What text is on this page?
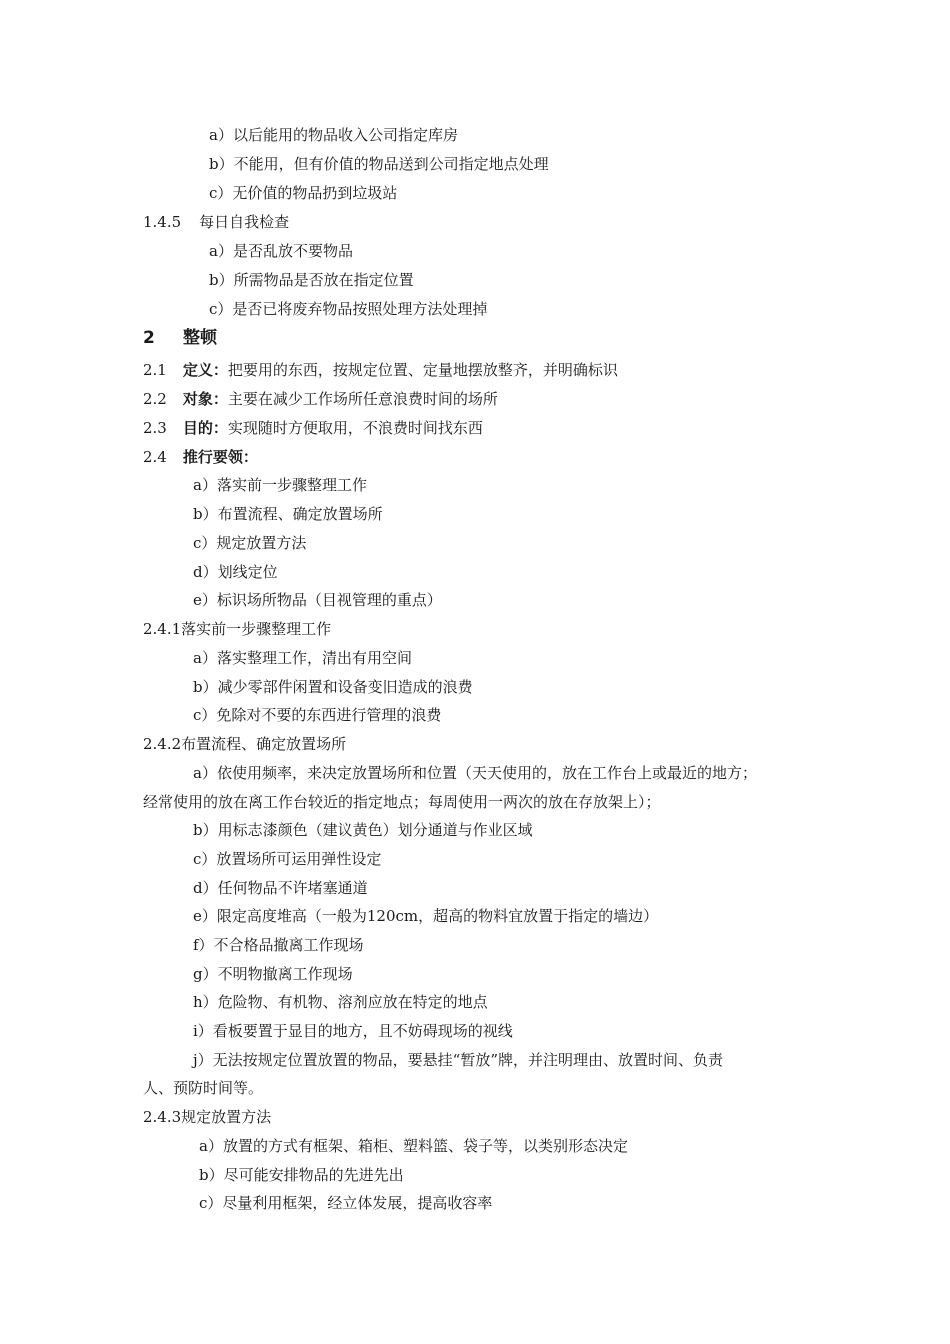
a）以后能用的物品收入公司指定库房
b）不能用，但有价值的物品送到公司指定地点处理
c）无价值的物品扔到垃圾站
1.4.5 每日自我检查
a）是否乱放不要物品
b）所需物品是否放在指定位置
c）是否已将废弃物品按照处理方法处理掉
2 整顿
2.1 定义：把要用的东西，按规定位置、定量地摆放整齐，并明确标识
2.2 对象：主要在减少工作场所任意浪费时间的场所
2.3 目的：实现随时方便取用，不浪费时间找东西
2.4 推行要领：
a）落实前一步骤整理工作
b）布置流程、确定放置场所
c）规定放置方法
d）划线定位
e）标识场所物品（目视管理的重点）
2.4.1落实前一步骤整理工作
a）落实整理工作，清出有用空间
b）减少零部件闲置和设备变旧造成的浪费
c）免除对不要的东西进行管理的浪费
2.4.2布置流程、确定放置场所
a）依使用频率，来决定放置场所和位置（天天使用的，放在工作台上或最近的地方；
经常使用的放在离工作台较近的指定地点；每周使用一两次的放在存放架上）；
b）用标志漆颜色（建议黄色）划分通道与作业区域
c）放置场所可运用弹性设定
d）任何物品不许堵塞通道
e）限定高度堆高（一般为120cm，超高的物料宜放置于指定的墙边）
f）不合格品撤离工作现场
g）不明物撤离工作现场
h）危险物、有机物、溶剂应放在特定的地点
i）看板要置于显目的地方，且不妨碍现场的视线
j）无法按规定位置放置的物品，要悬挂“暂放”牌，并注明理由、放置时间、负责
人、预防时间等。
2.4.3规定放置方法
a）放置的方式有框架、箱柜、塑料篮、袋子等，以类别形态决定
b）尽可能安排物品的先进先出
c）尽量利用框架，经立体发展，提高收容率
